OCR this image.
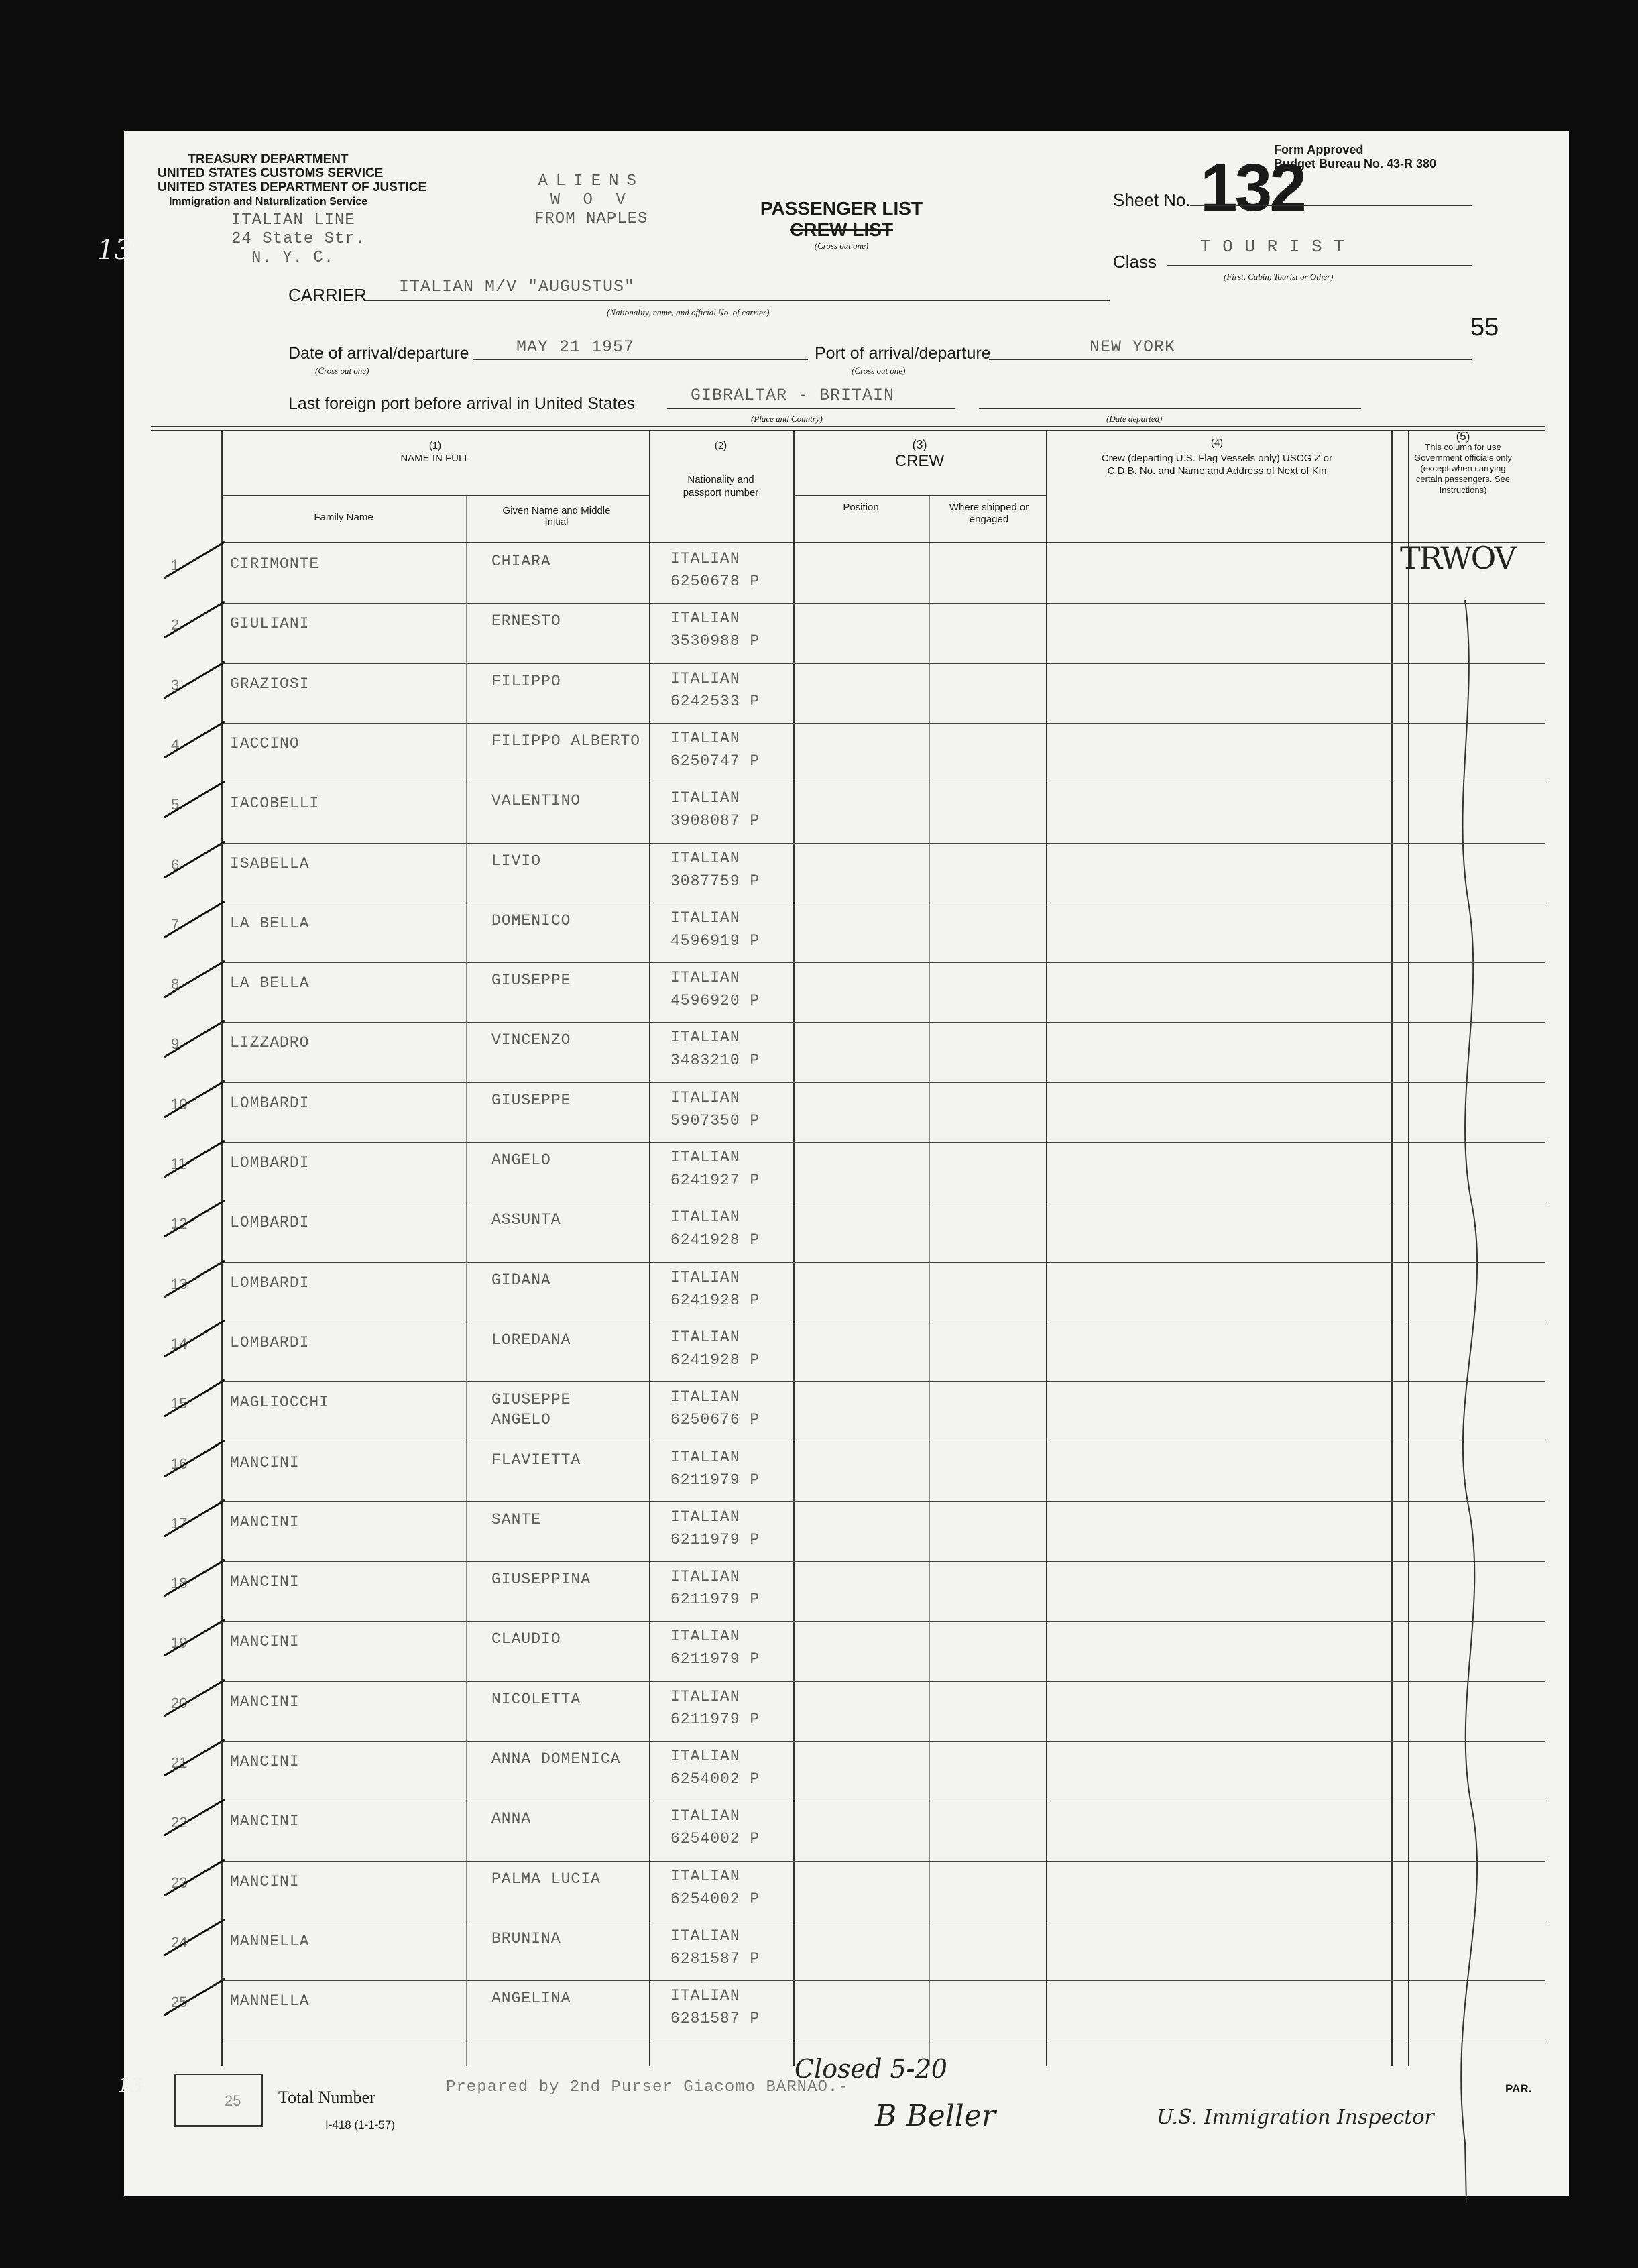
TREASURY DEPARTMENT
UNITED STATES CUSTOMS SERVICE
UNITED STATES DEPARTMENT OF JUSTICE
Immigration and Naturalization Service
ALIENS
W O V
FROM NAPLES
ITALIAN LINE
24 State Str.
N. Y. C.
13
PASSENGER LIST
CREW LIST
(Cross out one)
Form Approved
Budget Bureau No. 43-R 380
Sheet No. 132
Class
T O U R I S T
(First, Cabin, Tourist or Other)
55
CARRIER ITALIAN M/V "AUGUSTUS"
(Nationality, name, and official No. of carrier)
Date of arrival/departure
(Cross out one)
MAY 21 1957	Port of arrival/departure
(Cross out one)
NEW YORK
Last foreign port before arrival in United States	GIBRALTAR - BRITAIN
(Place and Country)	(Date departed)
(1)
NAME IN FULL
Family Name
Given Name and Middle Initial
(2)
Nationality and passport number
(3)
CREW
Position	Where shipped or engaged
(4)
Crew (departing U.S. Flag Vessels only) USCG Z or C.D.B. No. and Name and Address of Next of Kin
(5)
This column for use Government officials only (except when carrying certain passengers. See Instructions)
1	CIRIMONTE	CHIARA	ITALIAN
6250678 P
2	GIULIANI	ERNESTO	ITALIAN
3530988 P
3	GRAZIOSI	FILIPPO	ITALIAN
6242533 P
4	IACCINO	FILIPPO ALBERTO ITALIAN
6250747 P
5	IACOBELLI	VALENTINO	ITALIAN
3908087 P
6	ISABELLA	LIVIO	ITALIAN
3087759 P
7	LA BELLA	DOMENICO	ITALIAN
4596919 P
8	LA BELLA	GIUSEPPE	ITALIAN
4596920 P
9	LIZZADRO	VINCENZO	ITALIAN
3483210 P
10	LOMBARDI	GIUSEPPE	ITALIAN
5907350 P
11	LOMBARDI	ANGELO	ITALIAN
6241927 P
12	LOMBARDI	ASSUNTA	ITALIAN
6241928 P
13	LOMBARDI	GIDANA	ITALIAN
6241928 P
14	LOMBARDI	LOREDANA	ITALIAN
6241928 P
15	MAGLIOCCHI	GIUSEPPE
ANGELO
ITALIAN
6250676 P
16	MANCINI	FLAVIETTA	ITALIAN
6211979 P
17	MANCINI	SANTE	ITALIAN
6211979 P
18	MANCINI	GIUSEPPINA	ITALIAN
6211979 P
19	MANCINI	CLAUDIO	ITALIAN
6211979 P
20	MANCINI	NICOLETTA	ITALIAN
6211979 P
21	MANCINI	ANNA DOMENICA	ITALIAN
6254002 P
22	MANCINI	ANNA	ITALIAN
6254002 P
23	MANCINI	PALMA LUCIA	ITALIAN
6254002 P
24	MANNELLA	BRUNINA	ITALIAN
6281587 P
25	MANNELLA	ANGELINA	ITALIAN
6281587 P
TRWOV
25 Total Number
I-418 (1-1-57)
Prepared by 2nd Purser Giacomo BARNAO.-
Closed 5-20
B Beller	U.S. Immigration Inspector
PAR.
13
